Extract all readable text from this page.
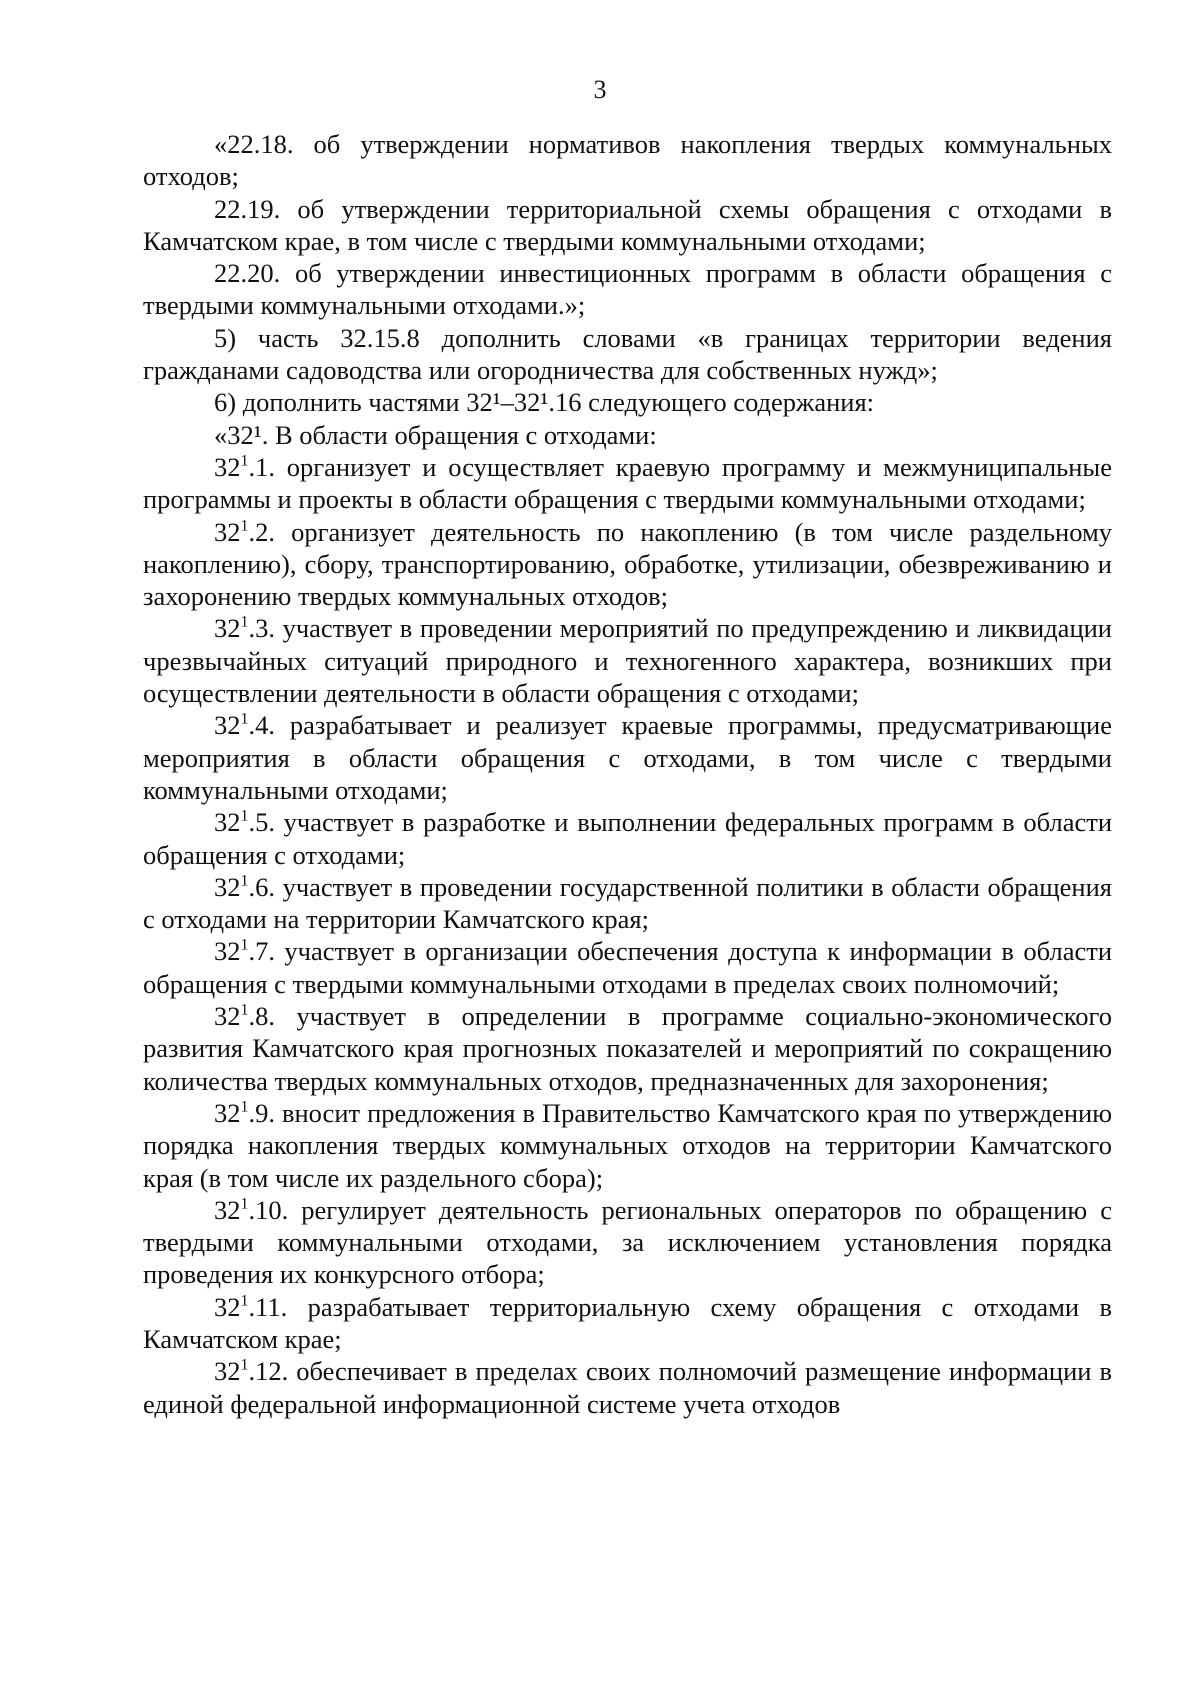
3

«22.18. об утверждении нормативов накопления твердых коммунальных отходов;

22.19. об утверждении территориальной схемы обращения с отходами в Камчатском крае, в том числе с твердыми коммунальными отходами;

22.20. об утверждении инвестиционных программ в области обращения с твердыми коммунальными отходами.»;

5) часть 32.15.8 дополнить словами «в границах территории ведения гражданами садоводства или огородничества для собственных нужд»;

6) дополнить частями 32¹–32¹.16 следующего содержания:

«32¹. В области обращения с отходами:

$32^1.1$. организует и осуществляет краевую программу и межмуниципальные программы и проекты в области обращения с твердыми коммунальными отходами;

$32^1.2$. организует деятельность по накоплению (в том числе раздельному накоплению), сбору, транспортированию, обработке, утилизации, обезвреживанию и захоронению твердых коммунальных отходов;

$32^1.3$. участвует в проведении мероприятий по предупреждению и ликвидации чрезвычайных ситуаций природного и техногенного характера, возникших при осуществлении деятельности в области обращения с отходами;

$32^1.4$. разрабатывает и реализует краевые программы, предусматривающие мероприятия в области обращения с отходами, в том числе с твердыми коммунальными отходами;

$32^1.5$. участвует в разработке и выполнении федеральных программ в области обращения с отходами;

$32^1.6$. участвует в проведении государственной политики в области обращения с отходами на территории Камчатского края;

$32^1.7$. участвует в организации обеспечения доступа к информации в области обращения с твердыми коммунальными отходами в пределах своих полномочий;

$32^1.8$. участвует в определении в программе социально-экономического развития Камчатского края прогнозных показателей и мероприятий по сокращению количества твердых коммунальных отходов, предназначенных для захоронения;

$32^1.9$. вносит предложения в Правительство Камчатского края по утверждению порядка накопления твердых коммунальных отходов на территории Камчатского края (в том числе их раздельного сбора);

$32^1.10$. регулирует деятельность региональных операторов по обращению с твердыми коммунальными отходами, за исключением установления порядка проведения их конкурсного отбора;

$32^1.11$. разрабатывает территориальную схему обращения с отходами в Камчатском крае;

$32^1.12$. обеспечивает в пределах своих полномочий размещение информации в единой федеральной информационной системе учета отходов
